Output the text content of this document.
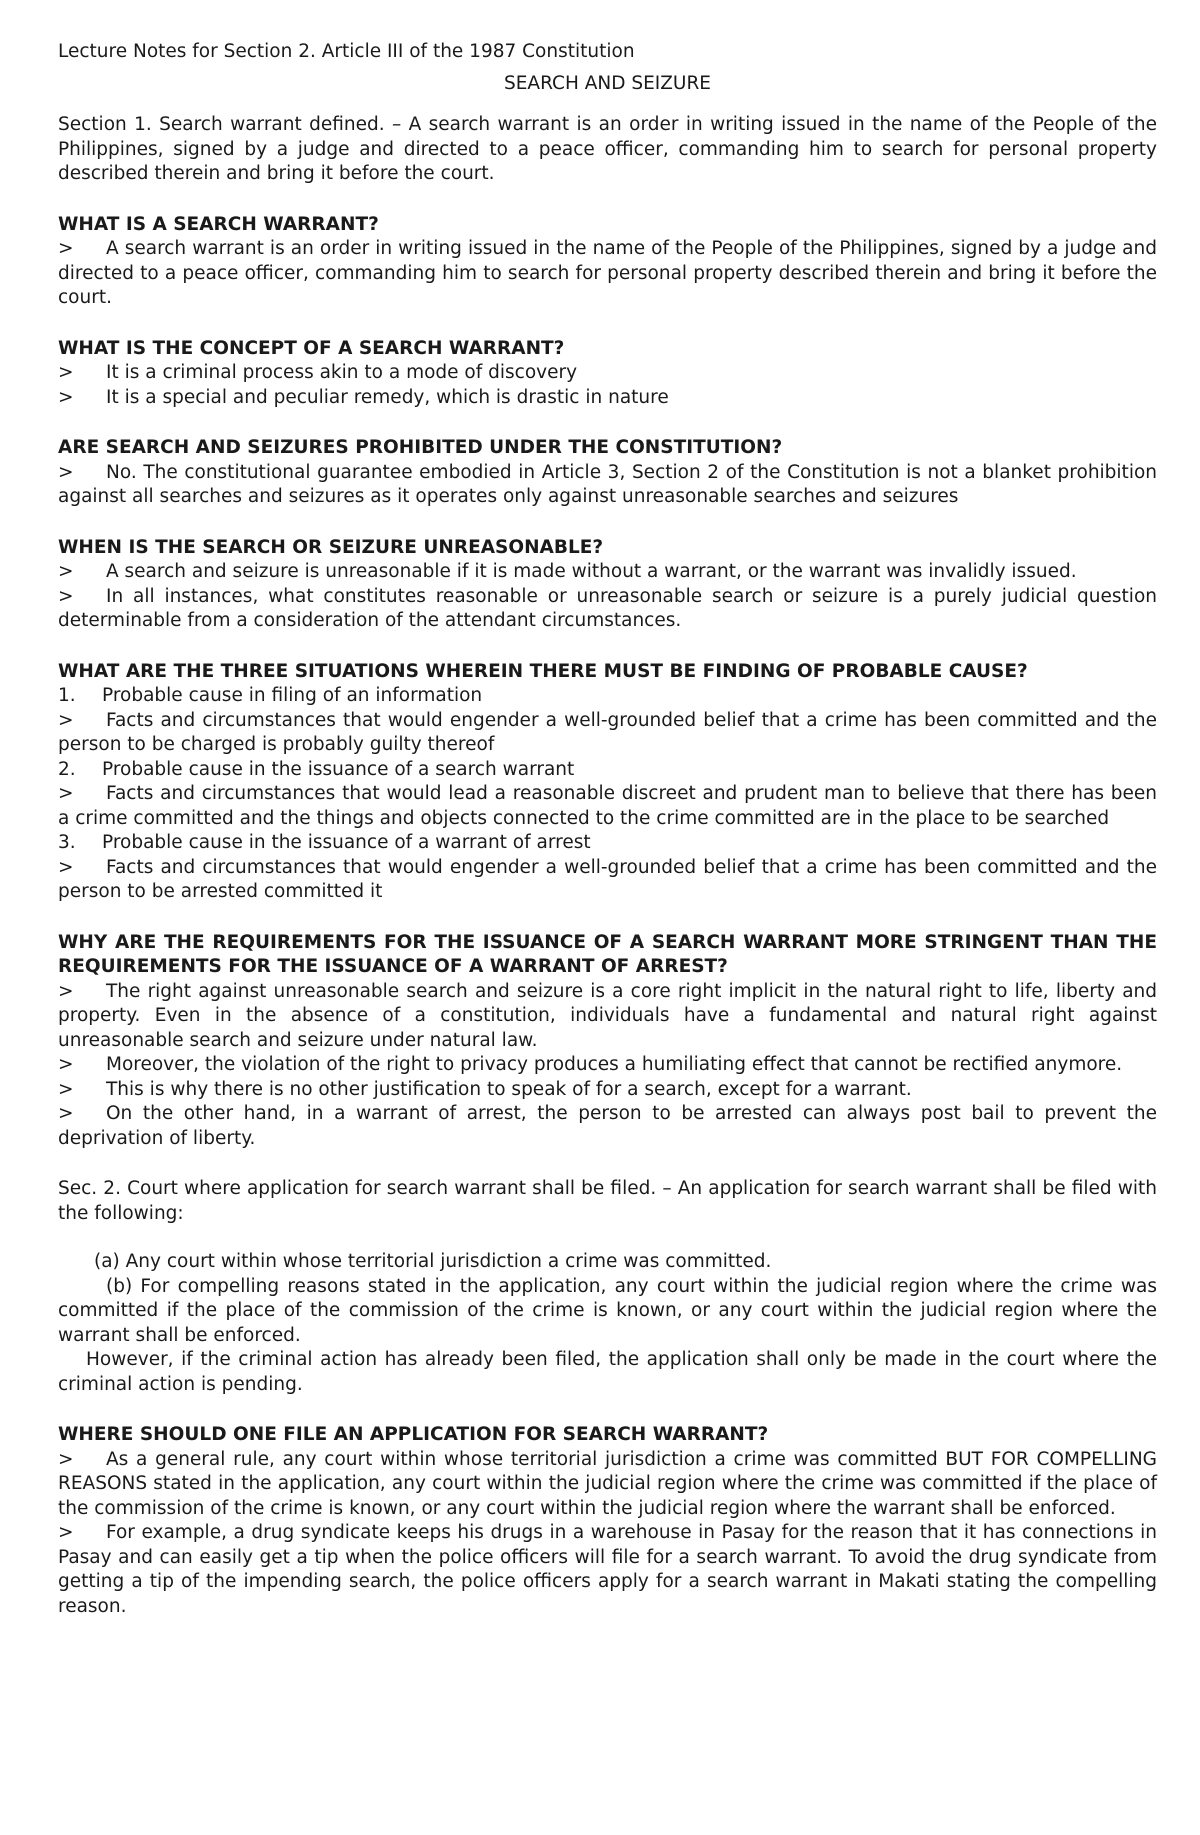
Lecture Notes for Section 2. Article III of the 1987 Constitution

SEARCH AND SEIZURE

Section 1. Search warrant defined. – A search warrant is an order in writing issued in the name of the People of the Philippines, signed by a judge and directed to a peace officer, commanding him to search for personal property described therein and bring it before the court.

WHAT IS A SEARCH WARRANT?

> A search warrant is an order in writing issued in the name of the People of the Philippines, signed by a judge and directed to a peace officer, commanding him to search for personal property described therein and bring it before the court.

WHAT IS THE CONCEPT OF A SEARCH WARRANT?

> It is a criminal process akin to a mode of discovery

> It is a special and peculiar remedy, which is drastic in nature

ARE SEARCH AND SEIZURES PROHIBITED UNDER THE CONSTITUTION?

> No. The constitutional guarantee embodied in Article 3, Section 2 of the Constitution is not a blanket prohibition against all searches and seizures as it operates only against unreasonable searches and seizures

WHEN IS THE SEARCH OR SEIZURE UNREASONABLE?

> A search and seizure is unreasonable if it is made without a warrant, or the warrant was invalidly issued.

> In all instances, what constitutes reasonable or unreasonable search or seizure is a purely judicial question determinable from a consideration of the attendant circumstances.

WHAT ARE THE THREE SITUATIONS WHEREIN THERE MUST BE FINDING OF PROBABLE CAUSE?

1. Probable cause in filing of an information

> Facts and circumstances that would engender a well-grounded belief that a crime has been committed and the person to be charged is probably guilty thereof

2. Probable cause in the issuance of a search warrant

> Facts and circumstances that would lead a reasonable discreet and prudent man to believe that there has been a crime committed and the things and objects connected to the crime committed are in the place to be searched

3. Probable cause in the issuance of a warrant of arrest

> Facts and circumstances that would engender a well-grounded belief that a crime has been committed and the person to be arrested committed it

WHY ARE THE REQUIREMENTS FOR THE ISSUANCE OF A SEARCH WARRANT MORE STRINGENT THAN THE REQUIREMENTS FOR THE ISSUANCE OF A WARRANT OF ARREST?

> The right against unreasonable search and seizure is a core right implicit in the natural right to life, liberty and property. Even in the absence of a constitution, individuals have a fundamental and natural right against unreasonable search and seizure under natural law.

> Moreover, the violation of the right to privacy produces a humiliating effect that cannot be rectified anymore.

> This is why there is no other justification to speak of for a search, except for a warrant.

> On the other hand, in a warrant of arrest, the person to be arrested can always post bail to prevent the deprivation of liberty.

Sec. 2. Court where application for search warrant shall be filed. – An application for search warrant shall be filed with the following:

(a) Any court within whose territorial jurisdiction a crime was committed.

(b) For compelling reasons stated in the application, any court within the judicial region where the crime was committed if the place of the commission of the crime is known, or any court within the judicial region where the warrant shall be enforced.

However, if the criminal action has already been filed, the application shall only be made in the court where the criminal action is pending.

WHERE SHOULD ONE FILE AN APPLICATION FOR SEARCH WARRANT?

> As a general rule, any court within whose territorial jurisdiction a crime was committed BUT FOR COMPELLING REASONS stated in the application, any court within the judicial region where the crime was committed if the place of the commission of the crime is known, or any court within the judicial region where the warrant shall be enforced.

> For example, a drug syndicate keeps his drugs in a warehouse in Pasay for the reason that it has connections in Pasay and can easily get a tip when the police officers will file for a search warrant. To avoid the drug syndicate from getting a tip of the impending search, the police officers apply for a search warrant in Makati stating the compelling reason.
